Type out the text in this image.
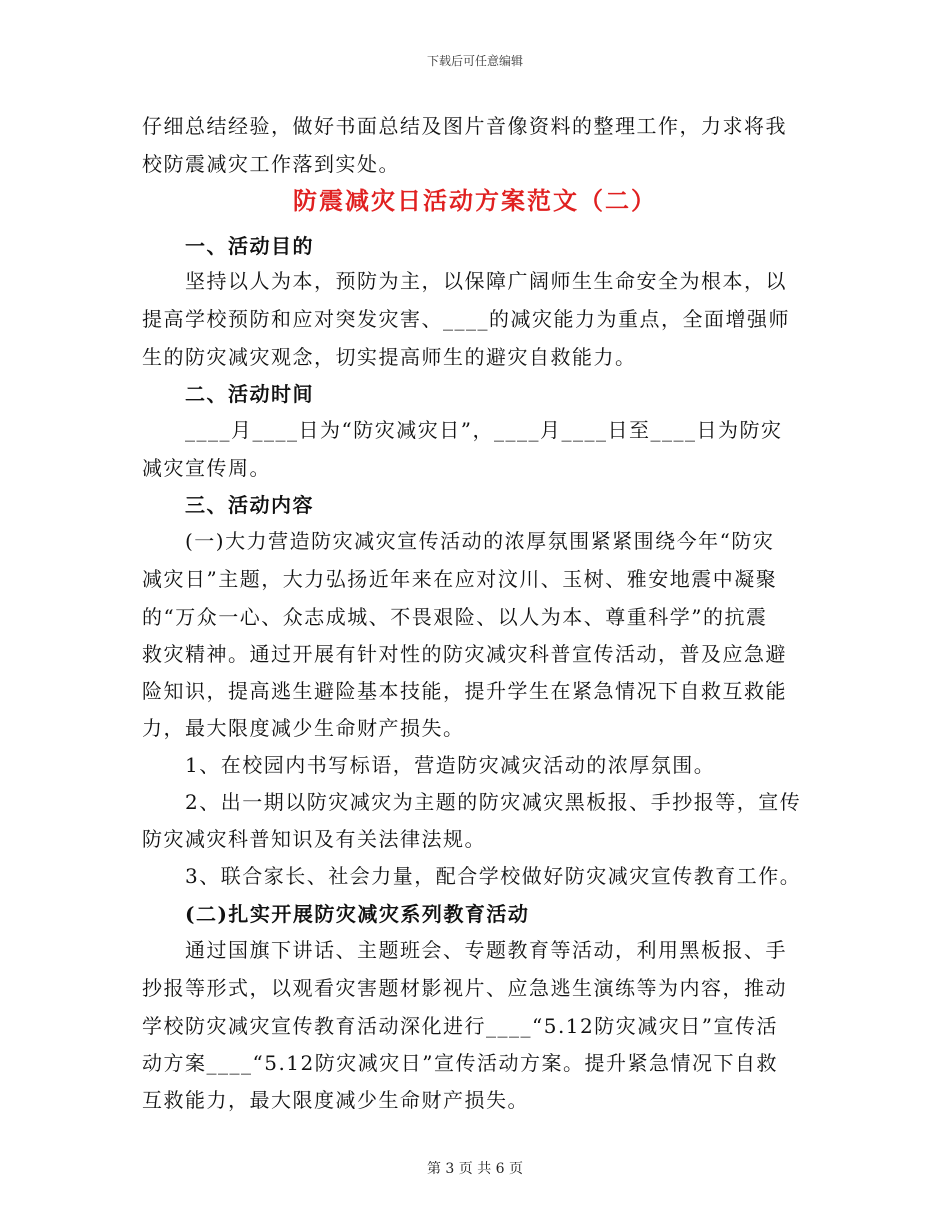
下载后可任意编辑
仔细总结经验，做好书面总结及图片音像资料的整理工作，力求将我
校防震减灾工作落到实处。
防震减灾日活动方案范文（二）
一、活动目的
坚持以人为本，预防为主，以保障广阔师生生命安全为根本，以
提高学校预防和应对突发灾害、____的减灾能力为重点，全面增强师
生的防灾减灾观念，切实提高师生的避灾自救能力。
二、活动时间
____月____日为“防灾减灾日”，____月____日至____日为防灾
减灾宣传周。
三、活动内容
(一)大力营造防灾减灾宣传活动的浓厚氛围紧紧围绕今年“防灾
减灾日”主题，大力弘扬近年来在应对汶川、玉树、雅安地震中凝聚
的“万众一心、众志成城、不畏艰险、以人为本、尊重科学”的抗震
救灾精神。通过开展有针对性的防灾减灾科普宣传活动，普及应急避
险知识，提高逃生避险基本技能，提升学生在紧急情况下自救互救能
力，最大限度减少生命财产损失。
1、在校园内书写标语，营造防灾减灾活动的浓厚氛围。
2、出一期以防灾减灾为主题的防灾减灾黑板报、手抄报等，宣传
防灾减灾科普知识及有关法律法规。
3、联合家长、社会力量，配合学校做好防灾减灾宣传教育工作。
(二)扎实开展防灾减灾系列教育活动
通过国旗下讲话、主题班会、专题教育等活动，利用黑板报、手
抄报等形式，以观看灾害题材影视片、应急逃生演练等为内容，推动
学校防灾减灾宣传教育活动深化进行____“5.12防灾减灾日”宣传活
动方案____“5.12防灾减灾日”宣传活动方案。提升紧急情况下自救
互救能力，最大限度减少生命财产损失。
第 3 页 共 6 页
